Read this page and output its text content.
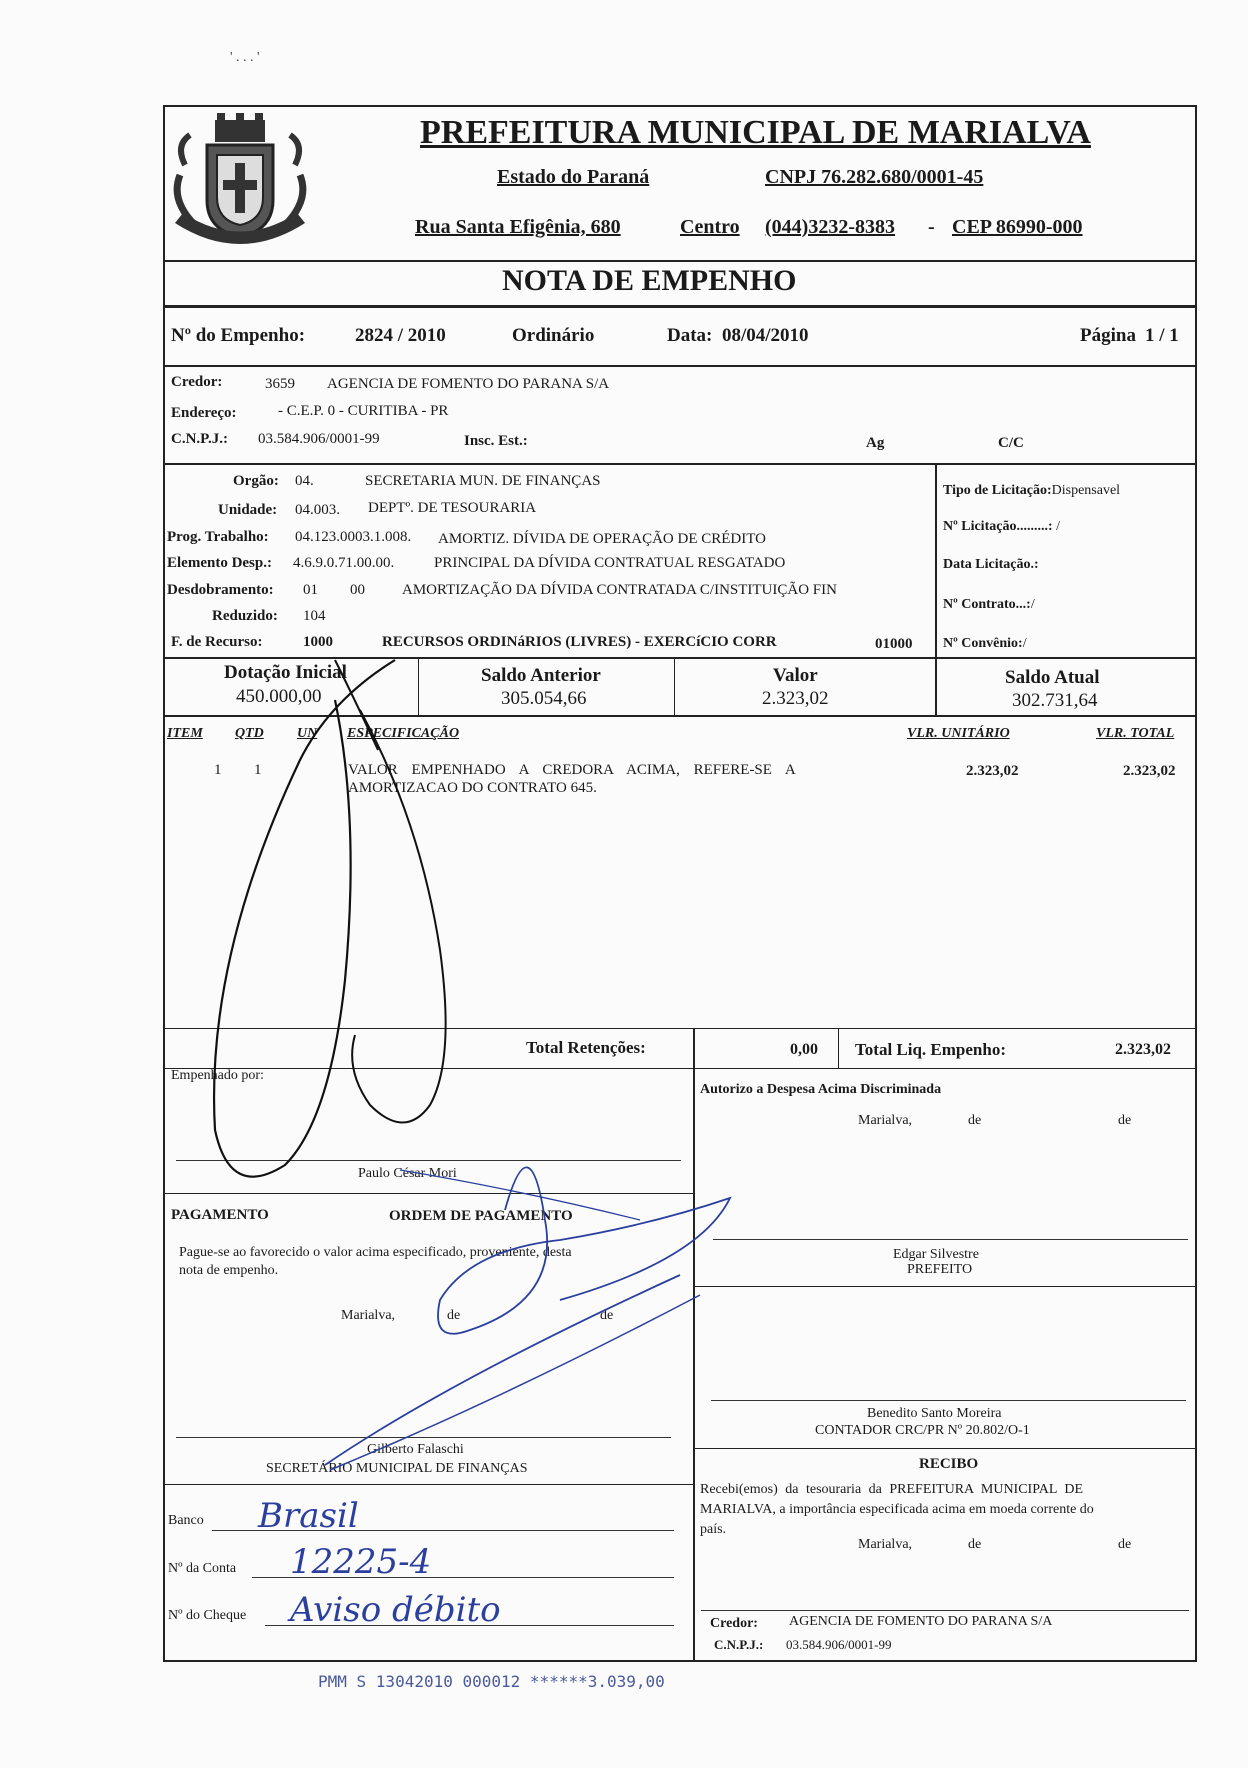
' . . . '
PREFEITURA MUNICIPAL DE MARIALVA
Estado do Paraná	CNPJ 76.282.680/0001-45
Rua Santa Efigênia, 680	Centro (044)3232-8383 - CEP 86990-000
NOTA DE EMPENHO
Nº do Empenho:	2824 / 2010	Ordinário	Data: 08/04/2010	Página 1 / 1
Credor:	3659 AGENCIA DE FOMENTO DO PARANA S/A
Endereço:	- C.E.P. 0 - CURITIBA - PR
C.N.P.J.: 03.584.906/0001-99	Insc. Est.:	Ag	C/C
Orgão: 04.	SECRETARIA MUN. DE FINANÇAS
Unidade: 04.003. DEPTº. DE TESOURARIA
Prog. Trabalho: 04.123.0003.1.008. AMORTIZ. DÍVIDA DE OPERAÇÃO DE CRÉDITO
Elemento Desp.: 4.6.9.0.71.00.00.	PRINCIPAL DA DÍVIDA CONTRATUAL RESGATADO
Desdobramento: 01 00 AMORTIZAÇÃO DA DÍVIDA CONTRATADA C/INSTITUIÇÃO FIN
Reduzido: 104
F. de Recurso:	1000	RECURSOS ORDINáRIOS (LIVRES) - EXERCíCIO CORR	01000
Tipo de Licitação:Dispensavel
Nº Licitação.........: /
Data Licitação.:
Nº Contrato...:/
Nº Convênio:/
Dotação Inicial
450.000,00
Saldo Anterior
305.054,66
Valor
2.323,02
Saldo Atual
302.731,64
ITEM QTD UN ESPECIFICAÇÃO	VLR. UNITÁRIO	VLR. TOTAL
1 1	VALOR EMPENHADO A CREDORA ACIMA, REFERE-SE A
AMORTIZACAO DO CONTRATO 645.
2.323,02	2.323,02
Total Retenções:	0,00 Total Liq. Empenho:	2.323,02
Empenhado por:
Paulo César Mori
Autorizo a Despesa Acima Discriminada
Marialva,	de	de
Edgar Silvestre
PREFEITO
Benedito Santo Moreira
CONTADOR CRC/PR Nº 20.802/O-1
PAGAMENTO	ORDEM DE PAGAMENTO
Pague-se ao favorecido o valor acima especificado, proveniente, desta
nota de empenho.
Marialva,	de	de
Gilberto Falaschi
SECRETÁRIO MUNICIPAL DE FINANÇAS
Banco Brasil
Nº da Conta 12225-4
Nº do Cheque Aviso débito
RECIBO
Recebi(emos) da tesouraria da PREFEITURA MUNICIPAL DE
MARIALVA, a importância especificada acima em moeda corrente do
país.
Marialva,	de	de
Credor: AGENCIA DE FOMENTO DO PARANA S/A
C.N.P.J.: 03.584.906/0001-99
PMM S 13042010 000012 ******3.039,00
